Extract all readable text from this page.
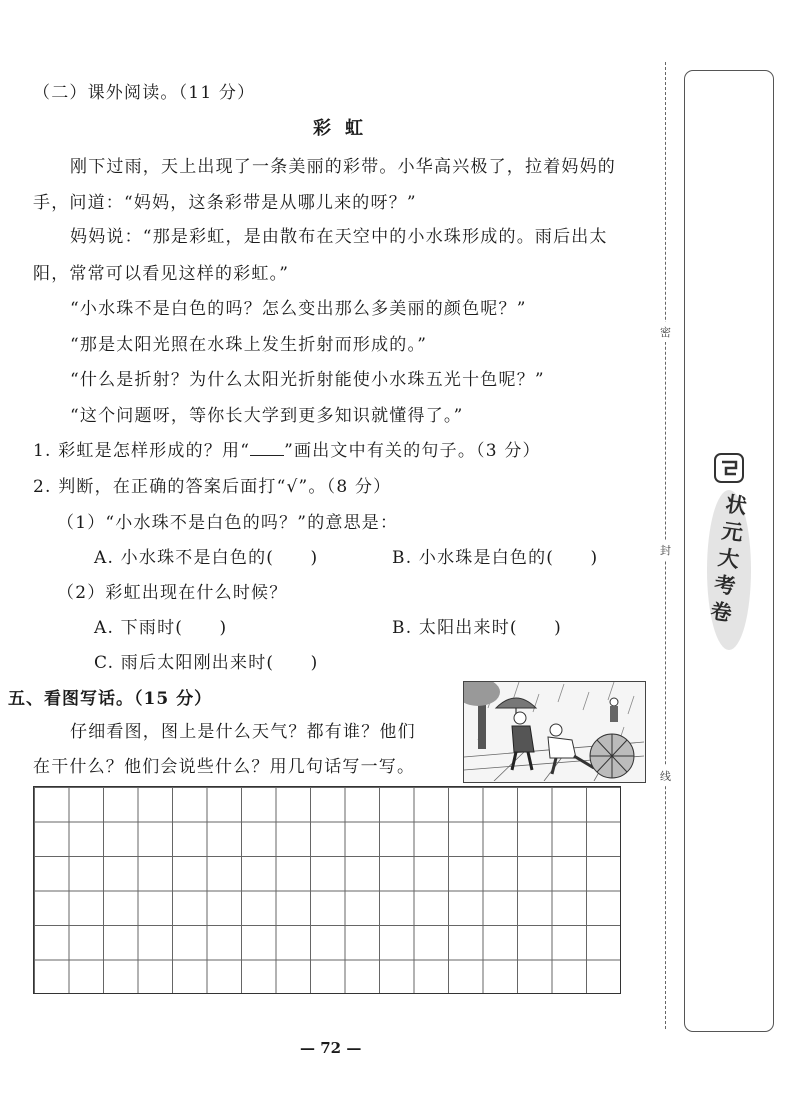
（二）课外阅读。（11 分）
彩虹
刚下过雨，天上出现了一条美丽的彩带。小华高兴极了，拉着妈妈的
手，问道：“妈妈，这条彩带是从哪儿来的呀？”
妈妈说：“那是彩虹，是由散布在天空中的小水珠形成的。雨后出太
阳，常常可以看见这样的彩虹。”
“小水珠不是白色的吗？怎么变出那么多美丽的颜色呢？”
“那是太阳光照在水珠上发生折射而形成的。”
“什么是折射？为什么太阳光折射能使小水珠五光十色呢？”
“这个问题呀，等你长大学到更多知识就懂得了。”
1. 彩虹是怎样形成的？用“ ”画出文中有关的句子。（3 分）
2. 判断，在正确的答案后面打“√”。（8 分）
（1）“小水珠不是白色的吗？”的意思是：
A. 小水珠不是白色的(　　)	B. 小水珠是白色的(　　)
（2）彩虹出现在什么时候？
A. 下雨时(　　)	B. 太阳出来时(　　)
C. 雨后太阳刚出来时(　　)
五、看图写话。（15 分）
仔细看图，图上是什么天气？都有谁？他们
在干什么？他们会说些什么？用几句话写一写。
— 72 —
密
封
线
状元大考卷
